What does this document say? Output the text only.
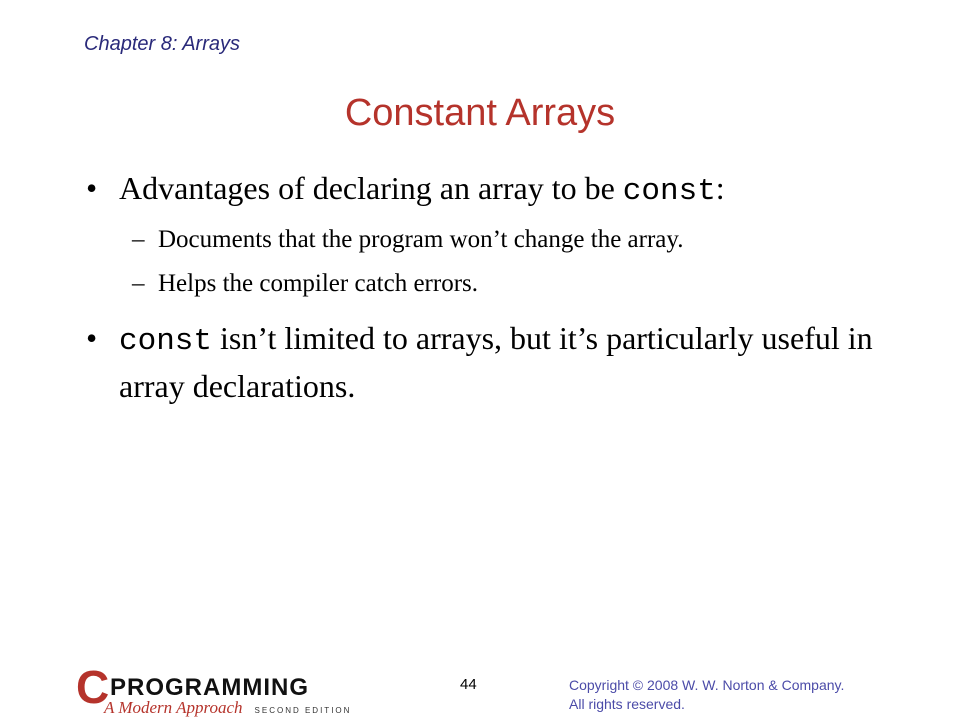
Chapter 8: Arrays
Constant Arrays
• Advantages of declaring an array to be const:
– Documents that the program won’t change the array.
– Helps the compiler catch errors.
• const isn’t limited to arrays, but it’s particularly useful in array declarations.
C PROGRAMMING
A Modern Approach SECOND EDITION
44	Copyright © 2008 W. W. Norton & Company.
All rights reserved.
